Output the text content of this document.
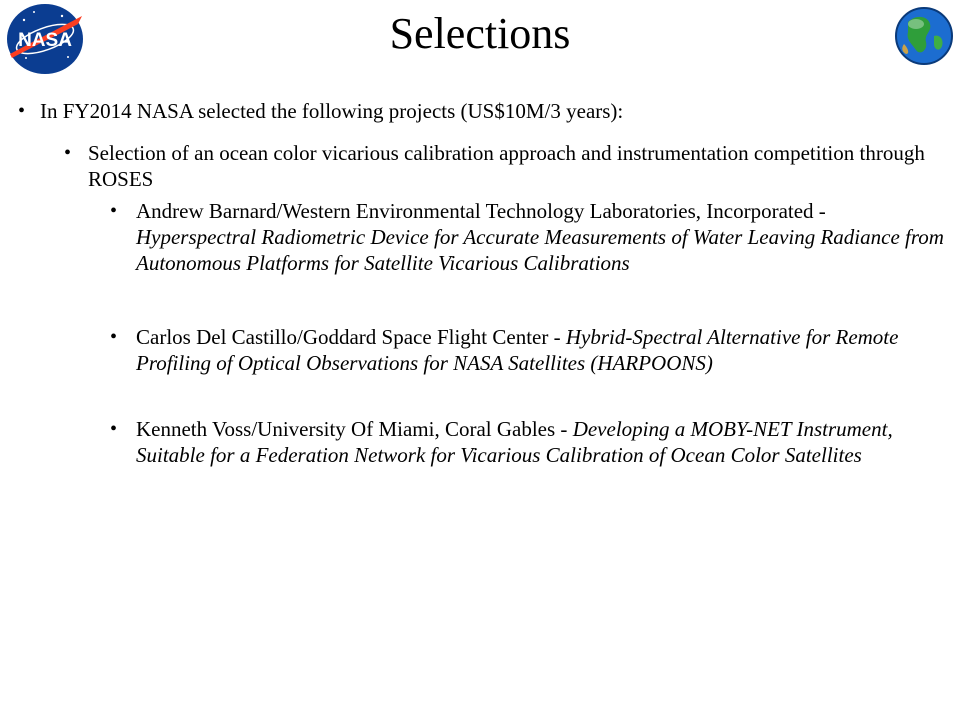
NASA	Selections
• In FY2014 NASA selected the following projects (US$10M/3 years):
• Selection of an ocean color vicarious calibration approach and instrumentation competition through ROSES
• Andrew Barnard/Western Environmental Technology Laboratories, Incorporated - Hyperspectral Radiometric Device for Accurate Measurements of Water Leaving Radiance from Autonomous Platforms for Satellite Vicarious Calibrations
• Carlos Del Castillo/Goddard Space Flight Center - Hybrid-Spectral Alternative for Remote Profiling of Optical Observations for NASA Satellites (HARPOONS)
• Kenneth Voss/University Of Miami, Coral Gables - Developing a MOBY-NET Instrument, Suitable for a Federation Network for Vicarious Calibration of Ocean Color Satellites
